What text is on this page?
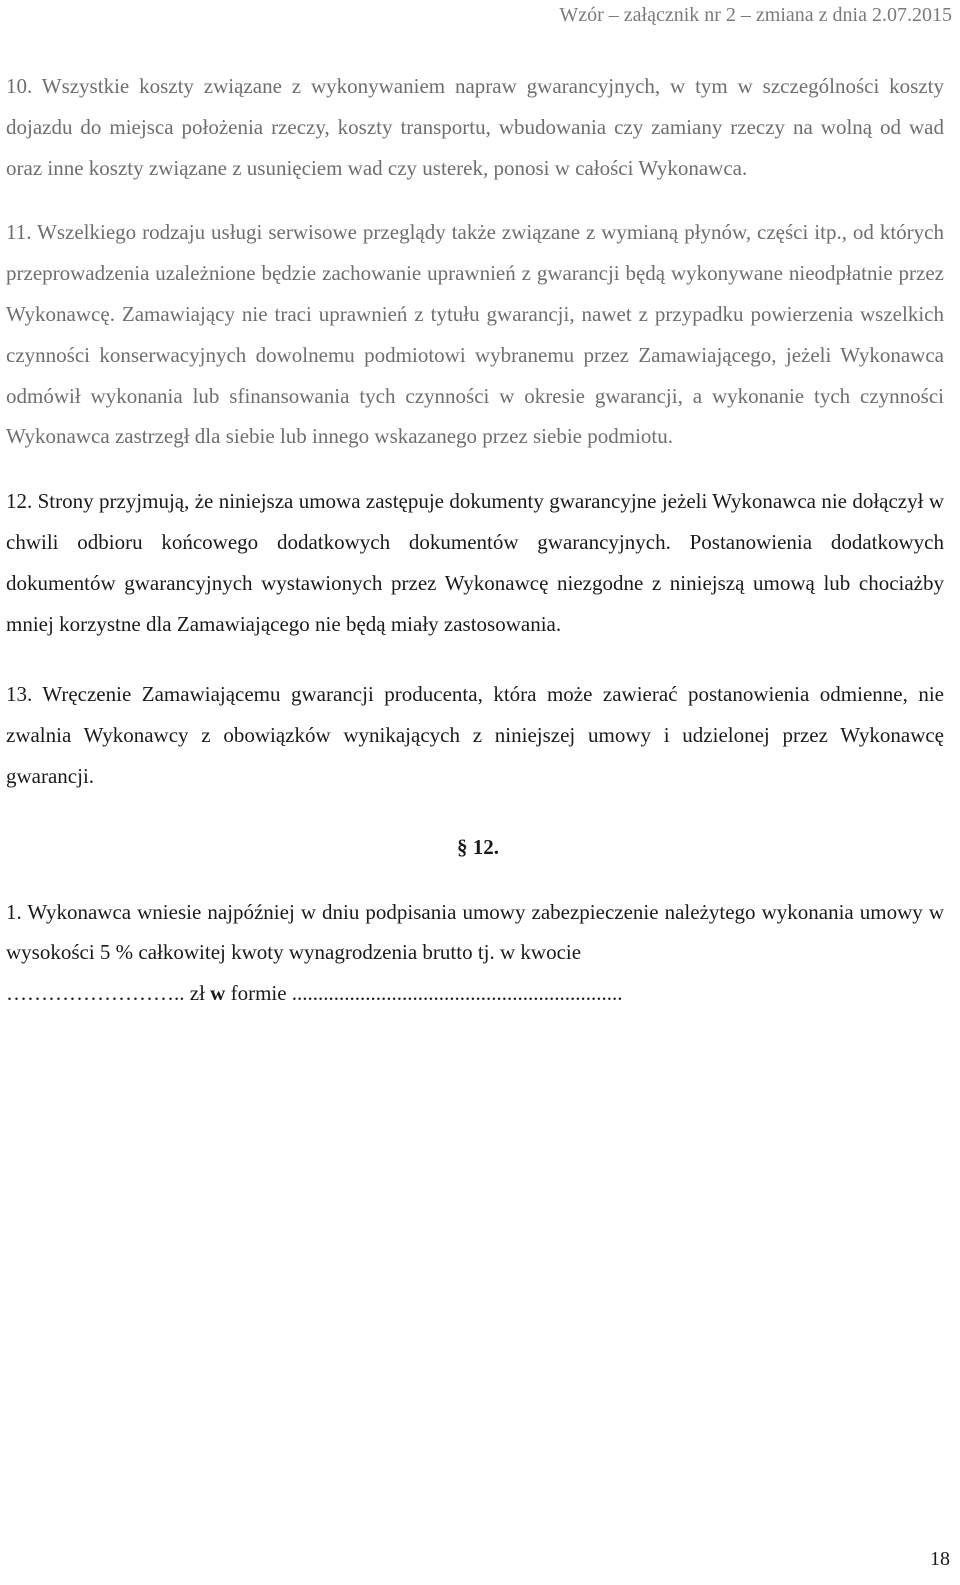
Wzór – załącznik nr 2 – zmiana z dnia 2.07.2015

10. Wszystkie koszty związane z wykonywaniem napraw gwarancyjnych, w tym w szczególności koszty dojazdu do miejsca położenia rzeczy, koszty transportu, wbudowania czy zamiany rzeczy na wolną od wad oraz inne koszty związane z usunięciem wad czy usterek, ponosi w całości Wykonawca.

11. Wszelkiego rodzaju usługi serwisowe przeglądy także związane z wymianą płynów, części itp., od których przeprowadzenia uzależnione będzie zachowanie uprawnień z gwarancji będą wykonywane nieodpłatnie przez Wykonawcę. Zamawiający nie traci uprawnień z tytułu gwarancji, nawet z przypadku powierzenia wszelkich czynności konserwacyjnych dowolnemu podmiotowi wybranemu przez Zamawiającego, jeżeli Wykonawca odmówił wykonania lub sfinansowania tych czynności w okresie gwarancji, a wykonanie tych czynności Wykonawca zastrzegł dla siebie lub innego wskazanego przez siebie podmiotu.

12. Strony przyjmują, że niniejsza umowa zastępuje dokumenty gwarancyjne jeżeli Wykonawca nie dołączył w chwili odbioru końcowego dodatkowych dokumentów gwarancyjnych. Postanowienia dodatkowych dokumentów gwarancyjnych wystawionych przez Wykonawcę niezgodne z niniejszą umową lub chociażby mniej korzystne dla Zamawiającego nie będą miały zastosowania.

13. Wręczenie Zamawiającemu gwarancji producenta, która może zawierać postanowienia odmienne, nie zwalnia Wykonawcy z obowiązków wynikających z niniejszej umowy i udzielonej przez Wykonawcę gwarancji.

§ 12.

1. Wykonawca wniesie najpóźniej w dniu podpisania umowy zabezpieczenie należytego wykonania umowy w wysokości 5 % całkowitej kwoty wynagrodzenia brutto tj. w kwocie
…………………….. zł w formie ...............................................................

18
